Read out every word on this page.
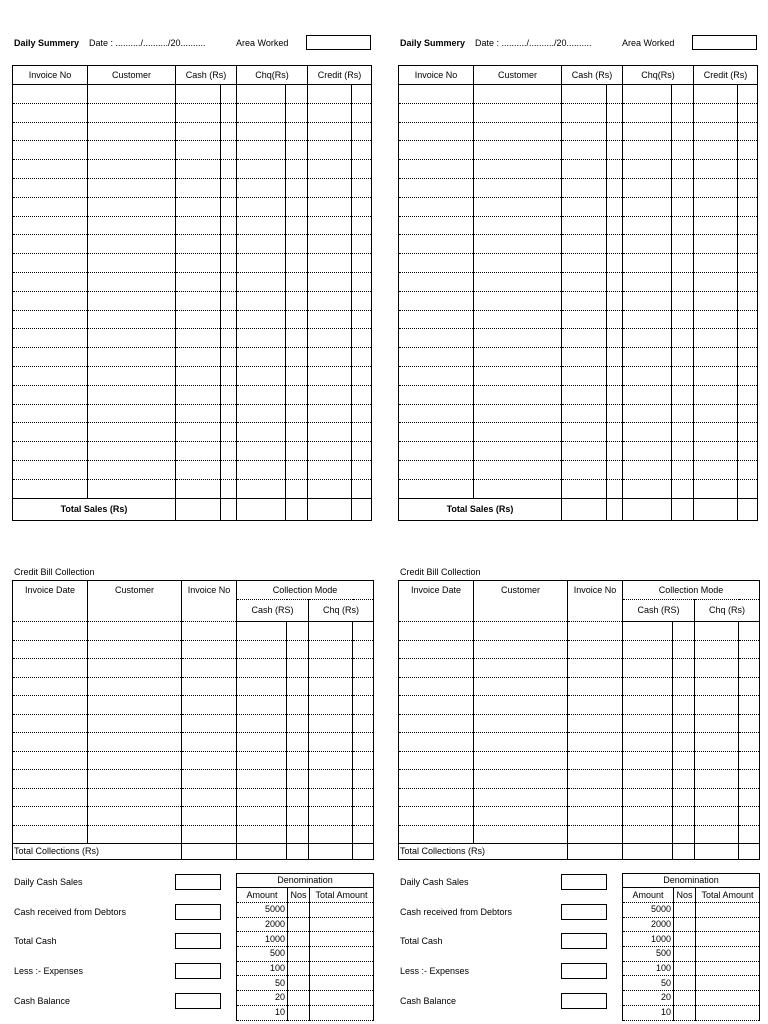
Daily Summery Date : ........../........../20..........	Area Worked
Invoice No	Customer	Cash (Rs)		Chq(Rs)		Credit (Rs)	

Total Sales (Rs)							
Credit Bill Collection
Invoice Date	Customer	Invoice No	Collection Mode			
			Cash (RS)		Chq (Rs)	

Total Collections (Rs)						
Daily Cash Sales
Cash received from Debtors
Total Cash
Less :- Expenses
Cash Balance
Denomination		
Amount	Nos	Total Amount
5000		
2000		
1000		
500		
100		
50		
20		
10		
Daily Summery Date : ........../........../20..........	Area Worked
Invoice No	Customer	Cash (Rs)		Chq(Rs)		Credit (Rs)	

Total Sales (Rs)							
Credit Bill Collection
Invoice Date	Customer	Invoice No	Collection Mode			
			Cash (RS)		Chq (Rs)	

Total Collections (Rs)						
Daily Cash Sales
Cash received from Debtors
Total Cash
Less :- Expenses
Cash Balance
Denomination		
Amount	Nos	Total Amount
5000		
2000		
1000		
500		
100		
50		
20		
10		
